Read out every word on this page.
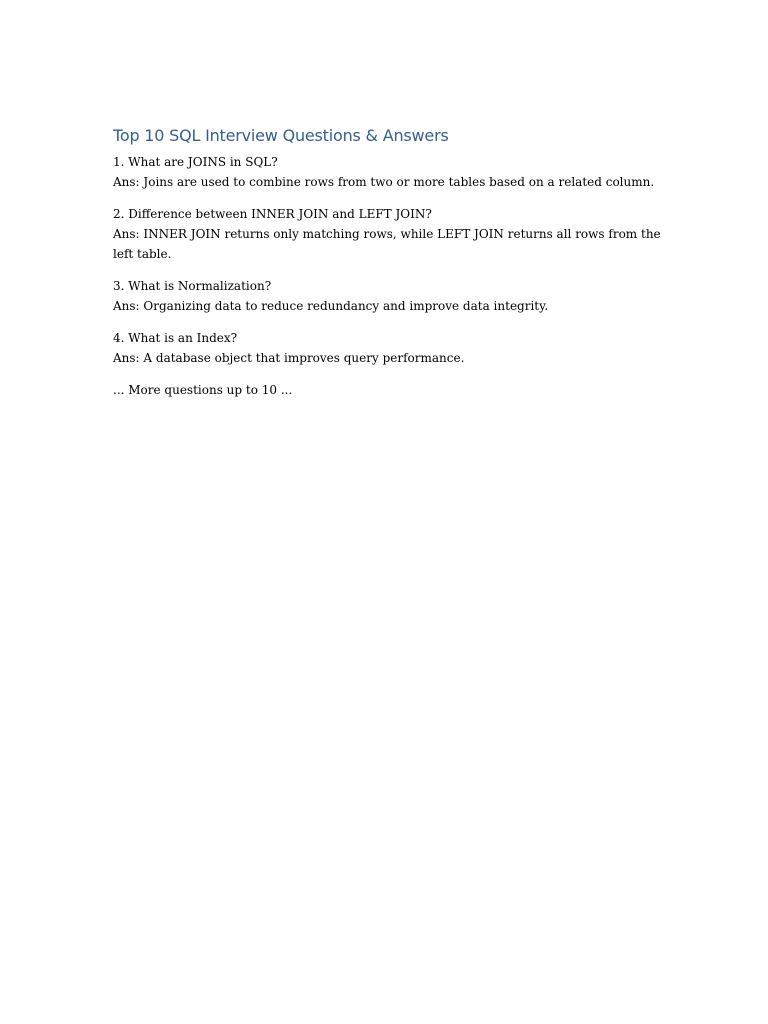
Top 10 SQL Interview Questions & Answers

1. What are JOINS in SQL?

Ans: Joins are used to combine rows from two or more tables based on a related column.

2. Difference between INNER JOIN and LEFT JOIN?

Ans: INNER JOIN returns only matching rows, while LEFT JOIN returns all rows from the left table.

3. What is Normalization?

Ans: Organizing data to reduce redundancy and improve data integrity.

4. What is an Index?

Ans: A database object that improves query performance.

... More questions up to 10 ...
